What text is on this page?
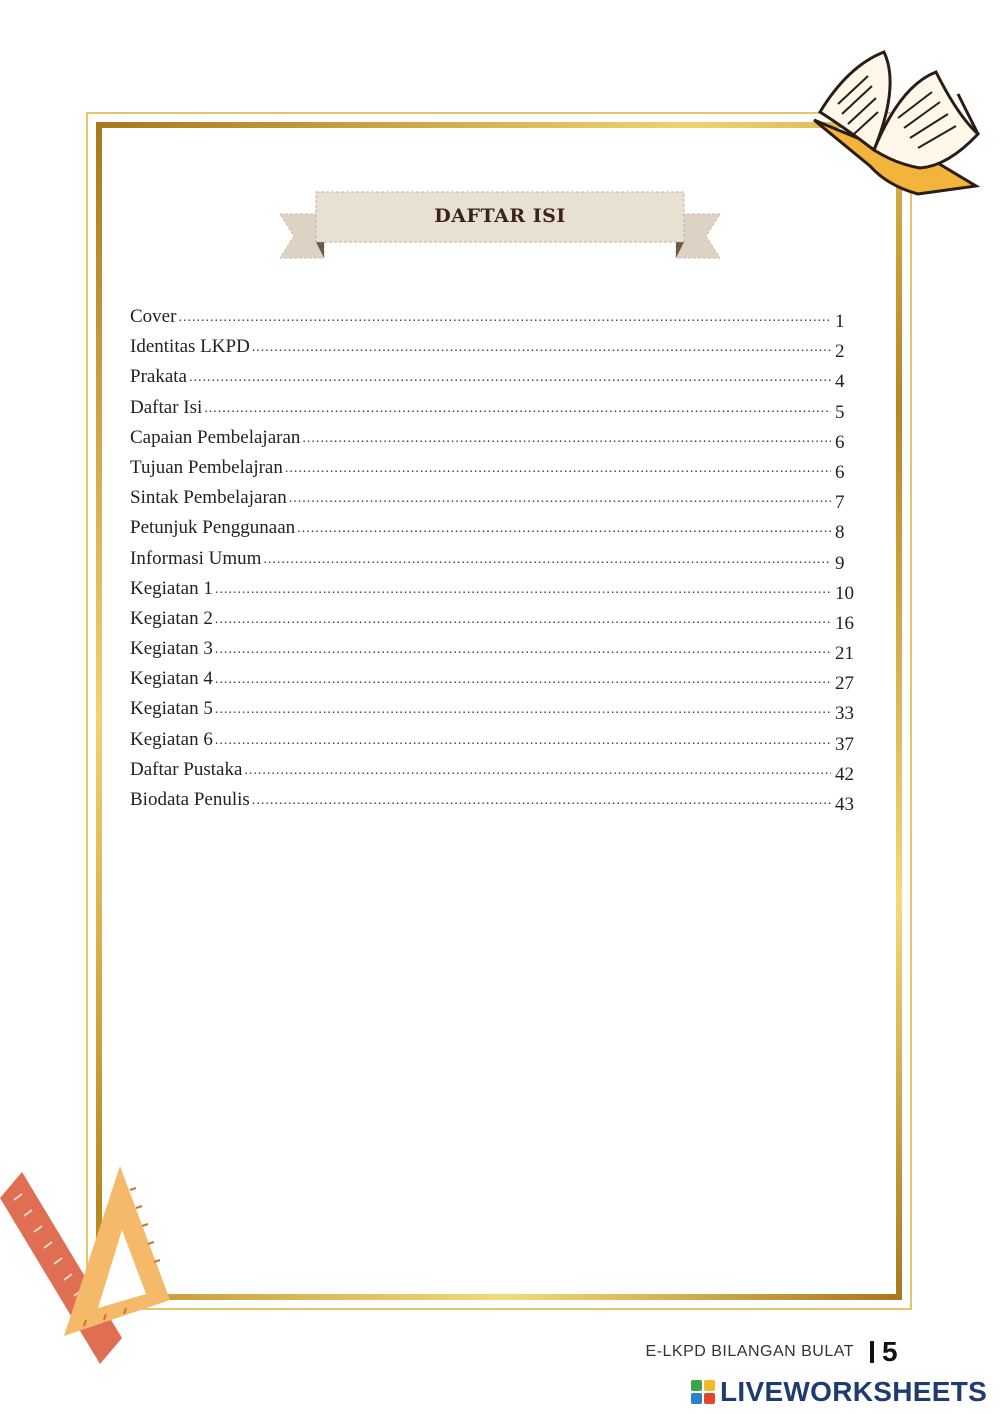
DAFTAR ISI
Cover .....	1
Identitas LKPD .....	2
Prakata .....	4
Daftar Isi .....	5
Capaian Pembelajaran .....	6
Tujuan Pembelajran .....	6
Sintak Pembelajaran .....	7
Petunjuk Penggunaan .....	8
Informasi Umum .....	9
Kegiatan 1 .....	10
Kegiatan 2 .....	16
Kegiatan 3 .....	21
Kegiatan 4 .....	27
Kegiatan 5 .....	33
Kegiatan 6 .....	37
Daftar Pustaka .....	42
Biodata Penulis .....	43
E-LKPD BILANGAN BULAT 5
LIVEWORKSHEETS
